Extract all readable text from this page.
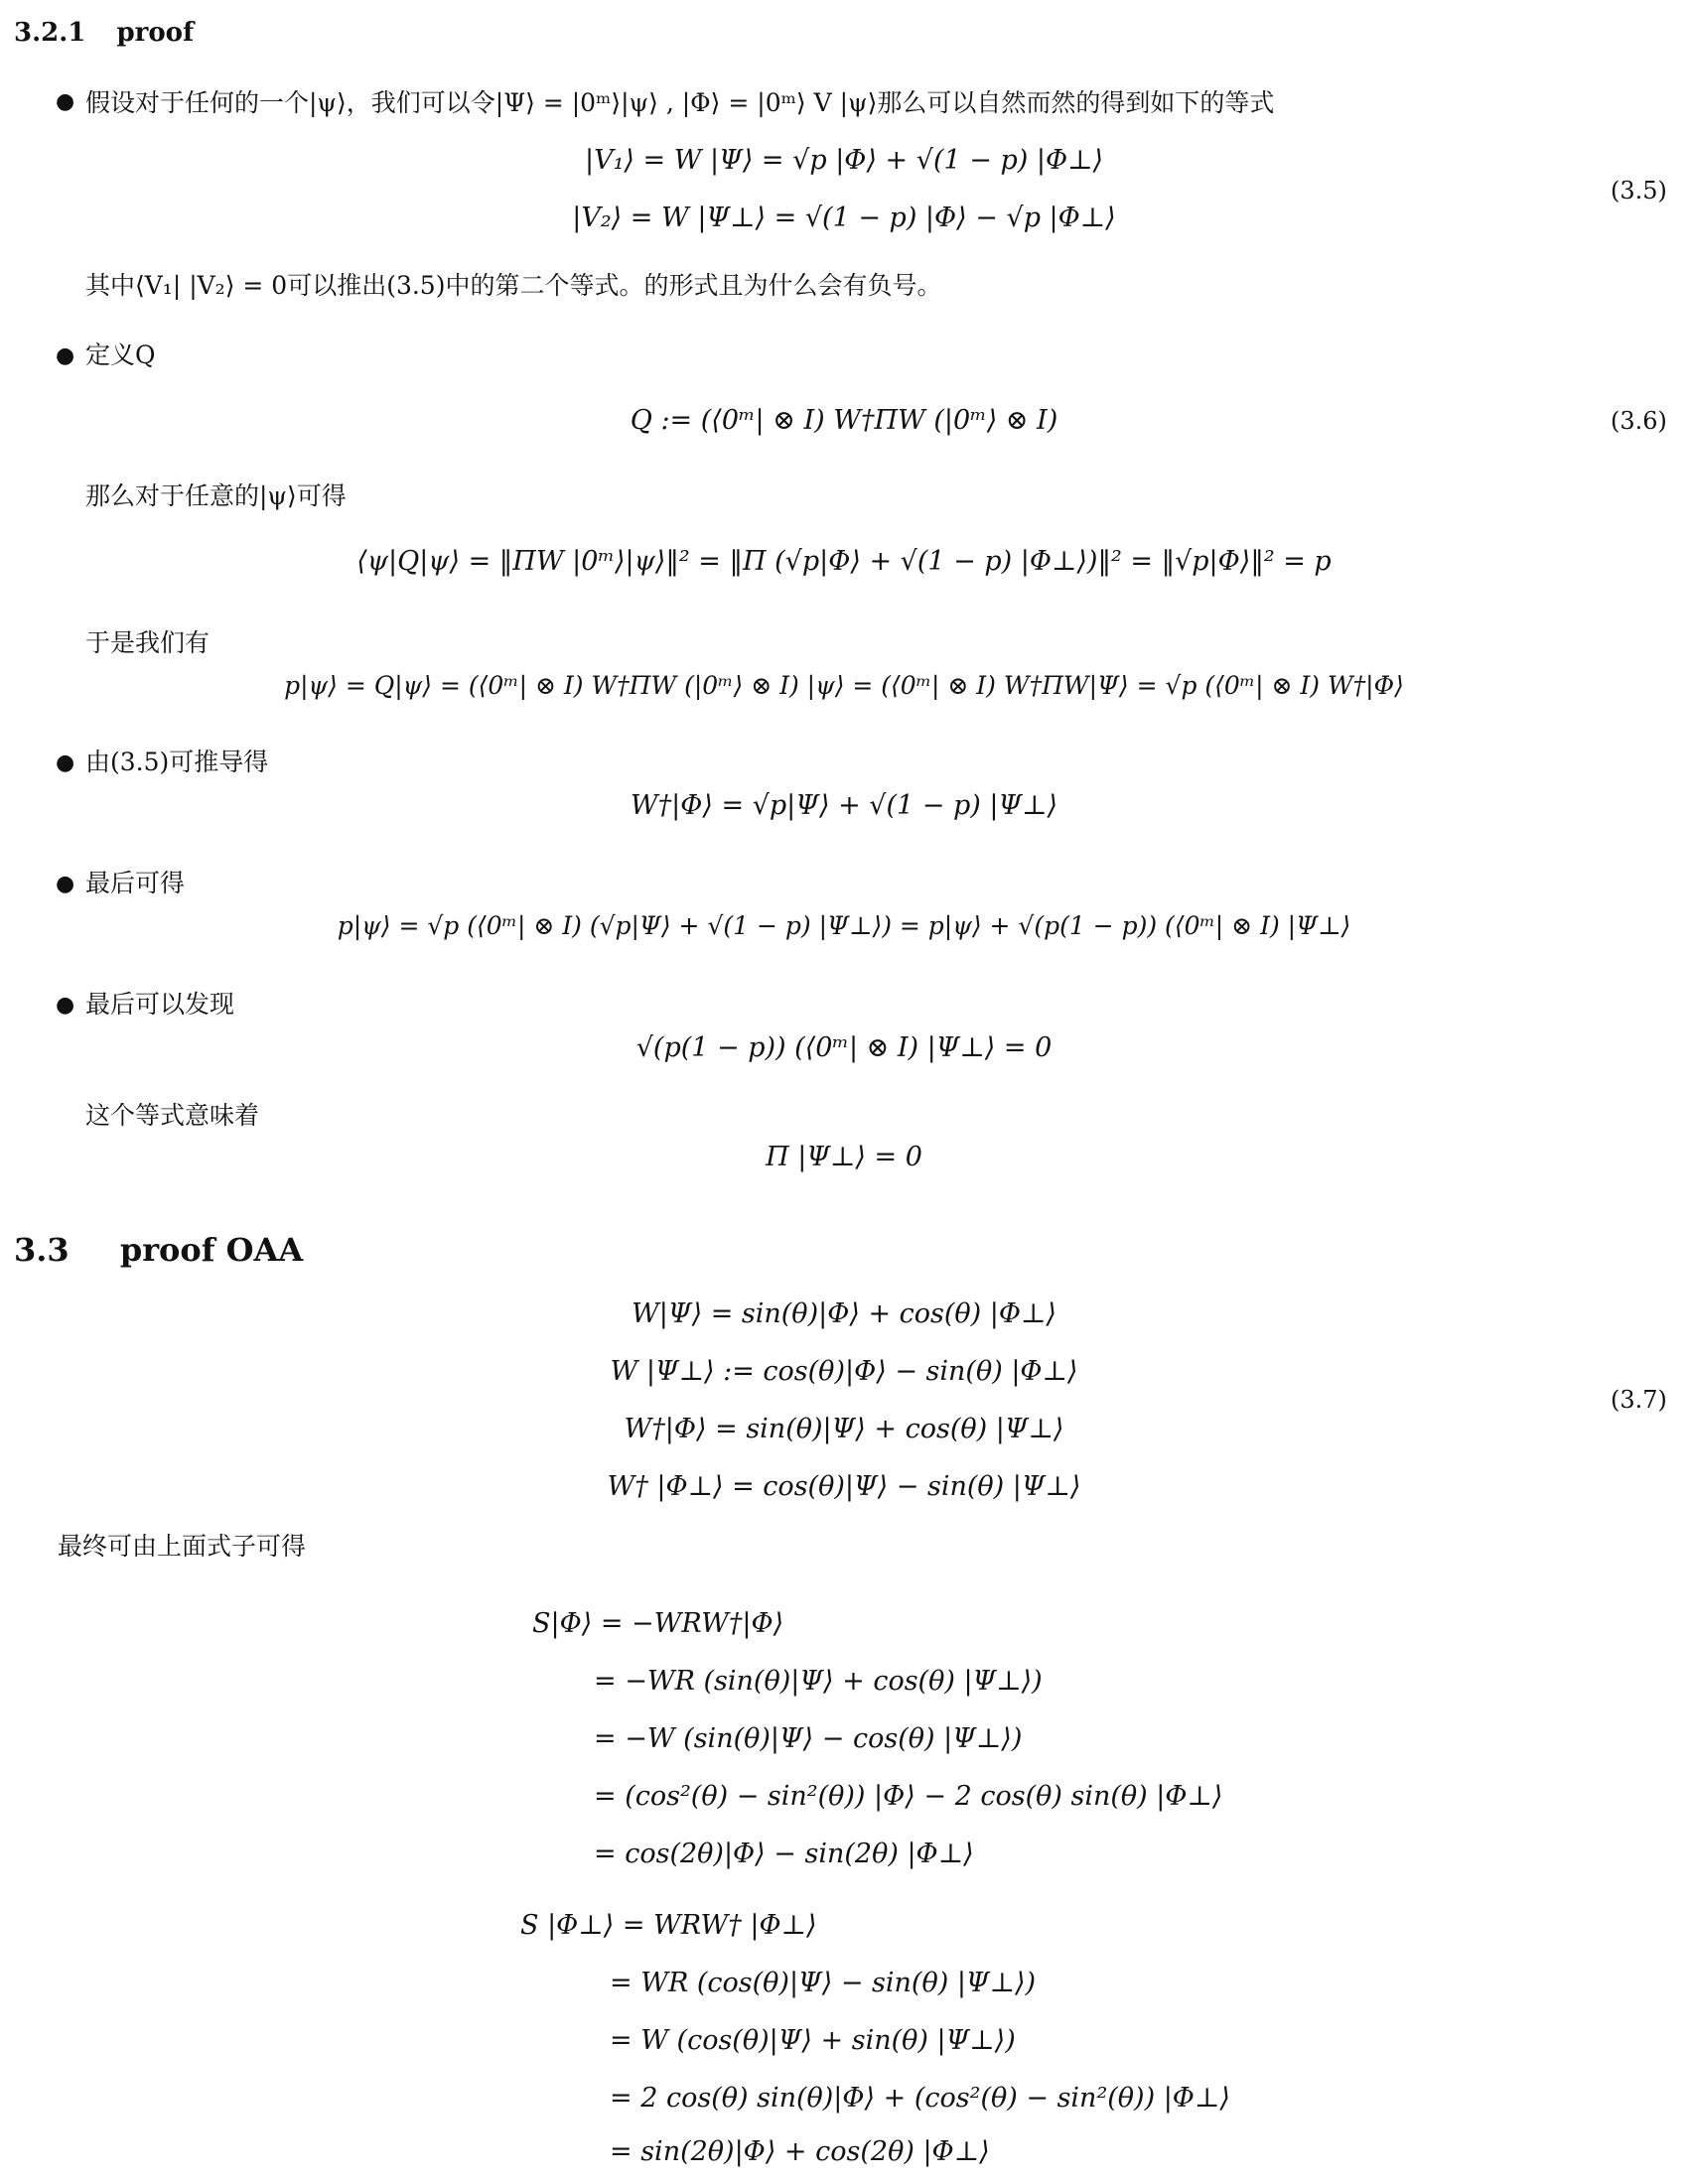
3.2.1 proof
● 假设对于任何的一个|ψ⟩，我们可以令|Ψ⟩ = |0ᵐ⟩|ψ⟩ , |Φ⟩ = |0ᵐ⟩ V |ψ⟩那么可以自然而然的得到如下的等式
|V₁⟩ = W |Ψ⟩ = √p |Φ⟩ + √(1 − p) |Φ⊥⟩
|V₂⟩ = W |Ψ⊥⟩ = √(1 − p) |Φ⟩ − √p |Φ⊥⟩
(3.5)
其中⟨V₁| |V₂⟩ = 0可以推出(3.5)中的第二个等式。的形式且为什么会有负号。
● 定义Q
Q := (⟨0ᵐ| ⊗ I) W†ΠW (|0ᵐ⟩ ⊗ I)	(3.6)
那么对于任意的|ψ⟩可得
⟨ψ|Q|ψ⟩ = ‖ΠW |0ᵐ⟩|ψ⟩‖² = ‖Π (√p|Φ⟩ + √(1 − p) |Φ⊥⟩)‖² = ‖√p|Φ⟩‖² = p
于是我们有
p|ψ⟩ = Q|ψ⟩ = (⟨0ᵐ| ⊗ I) W†ΠW (|0ᵐ⟩ ⊗ I) |ψ⟩ = (⟨0ᵐ| ⊗ I) W†ΠW|Ψ⟩ = √p (⟨0ᵐ| ⊗ I) W†|Φ⟩
● 由(3.5)可推导得
W†|Φ⟩ = √p|Ψ⟩ + √(1 − p) |Ψ⊥⟩
● 最后可得
p|ψ⟩ = √p (⟨0ᵐ| ⊗ I) (√p|Ψ⟩ + √(1 − p) |Ψ⊥⟩) = p|ψ⟩ + √(p(1 − p)) (⟨0ᵐ| ⊗ I) |Ψ⊥⟩
● 最后可以发现
√(p(1 − p)) (⟨0ᵐ| ⊗ I) |Ψ⊥⟩ = 0
这个等式意味着
Π |Ψ⊥⟩ = 0
3.3 proof OAA
W|Ψ⟩ = sin(θ)|Φ⟩ + cos(θ) |Φ⊥⟩
W |Ψ⊥⟩ := cos(θ)|Φ⟩ − sin(θ) |Φ⊥⟩
W†|Φ⟩ = sin(θ)|Ψ⟩ + cos(θ) |Ψ⊥⟩
W† |Φ⊥⟩ = cos(θ)|Ψ⟩ − sin(θ) |Ψ⊥⟩
(3.7)
最终可由上面式子可得
S|Φ⟩ = −WRW†|Φ⟩
= −WR (sin(θ)|Ψ⟩ + cos(θ) |Ψ⊥⟩)
= −W (sin(θ)|Ψ⟩ − cos(θ) |Ψ⊥⟩)
= (cos²(θ) − sin²(θ)) |Φ⟩ − 2 cos(θ) sin(θ) |Φ⊥⟩
= cos(2θ)|Φ⟩ − sin(2θ) |Φ⊥⟩
S |Φ⊥⟩ = WRW† |Φ⊥⟩
= WR (cos(θ)|Ψ⟩ − sin(θ) |Ψ⊥⟩)
= W (cos(θ)|Ψ⟩ + sin(θ) |Ψ⊥⟩)
= 2 cos(θ) sin(θ)|Φ⟩ + (cos²(θ) − sin²(θ)) |Φ⊥⟩
= sin(2θ)|Φ⟩ + cos(2θ) |Φ⊥⟩
